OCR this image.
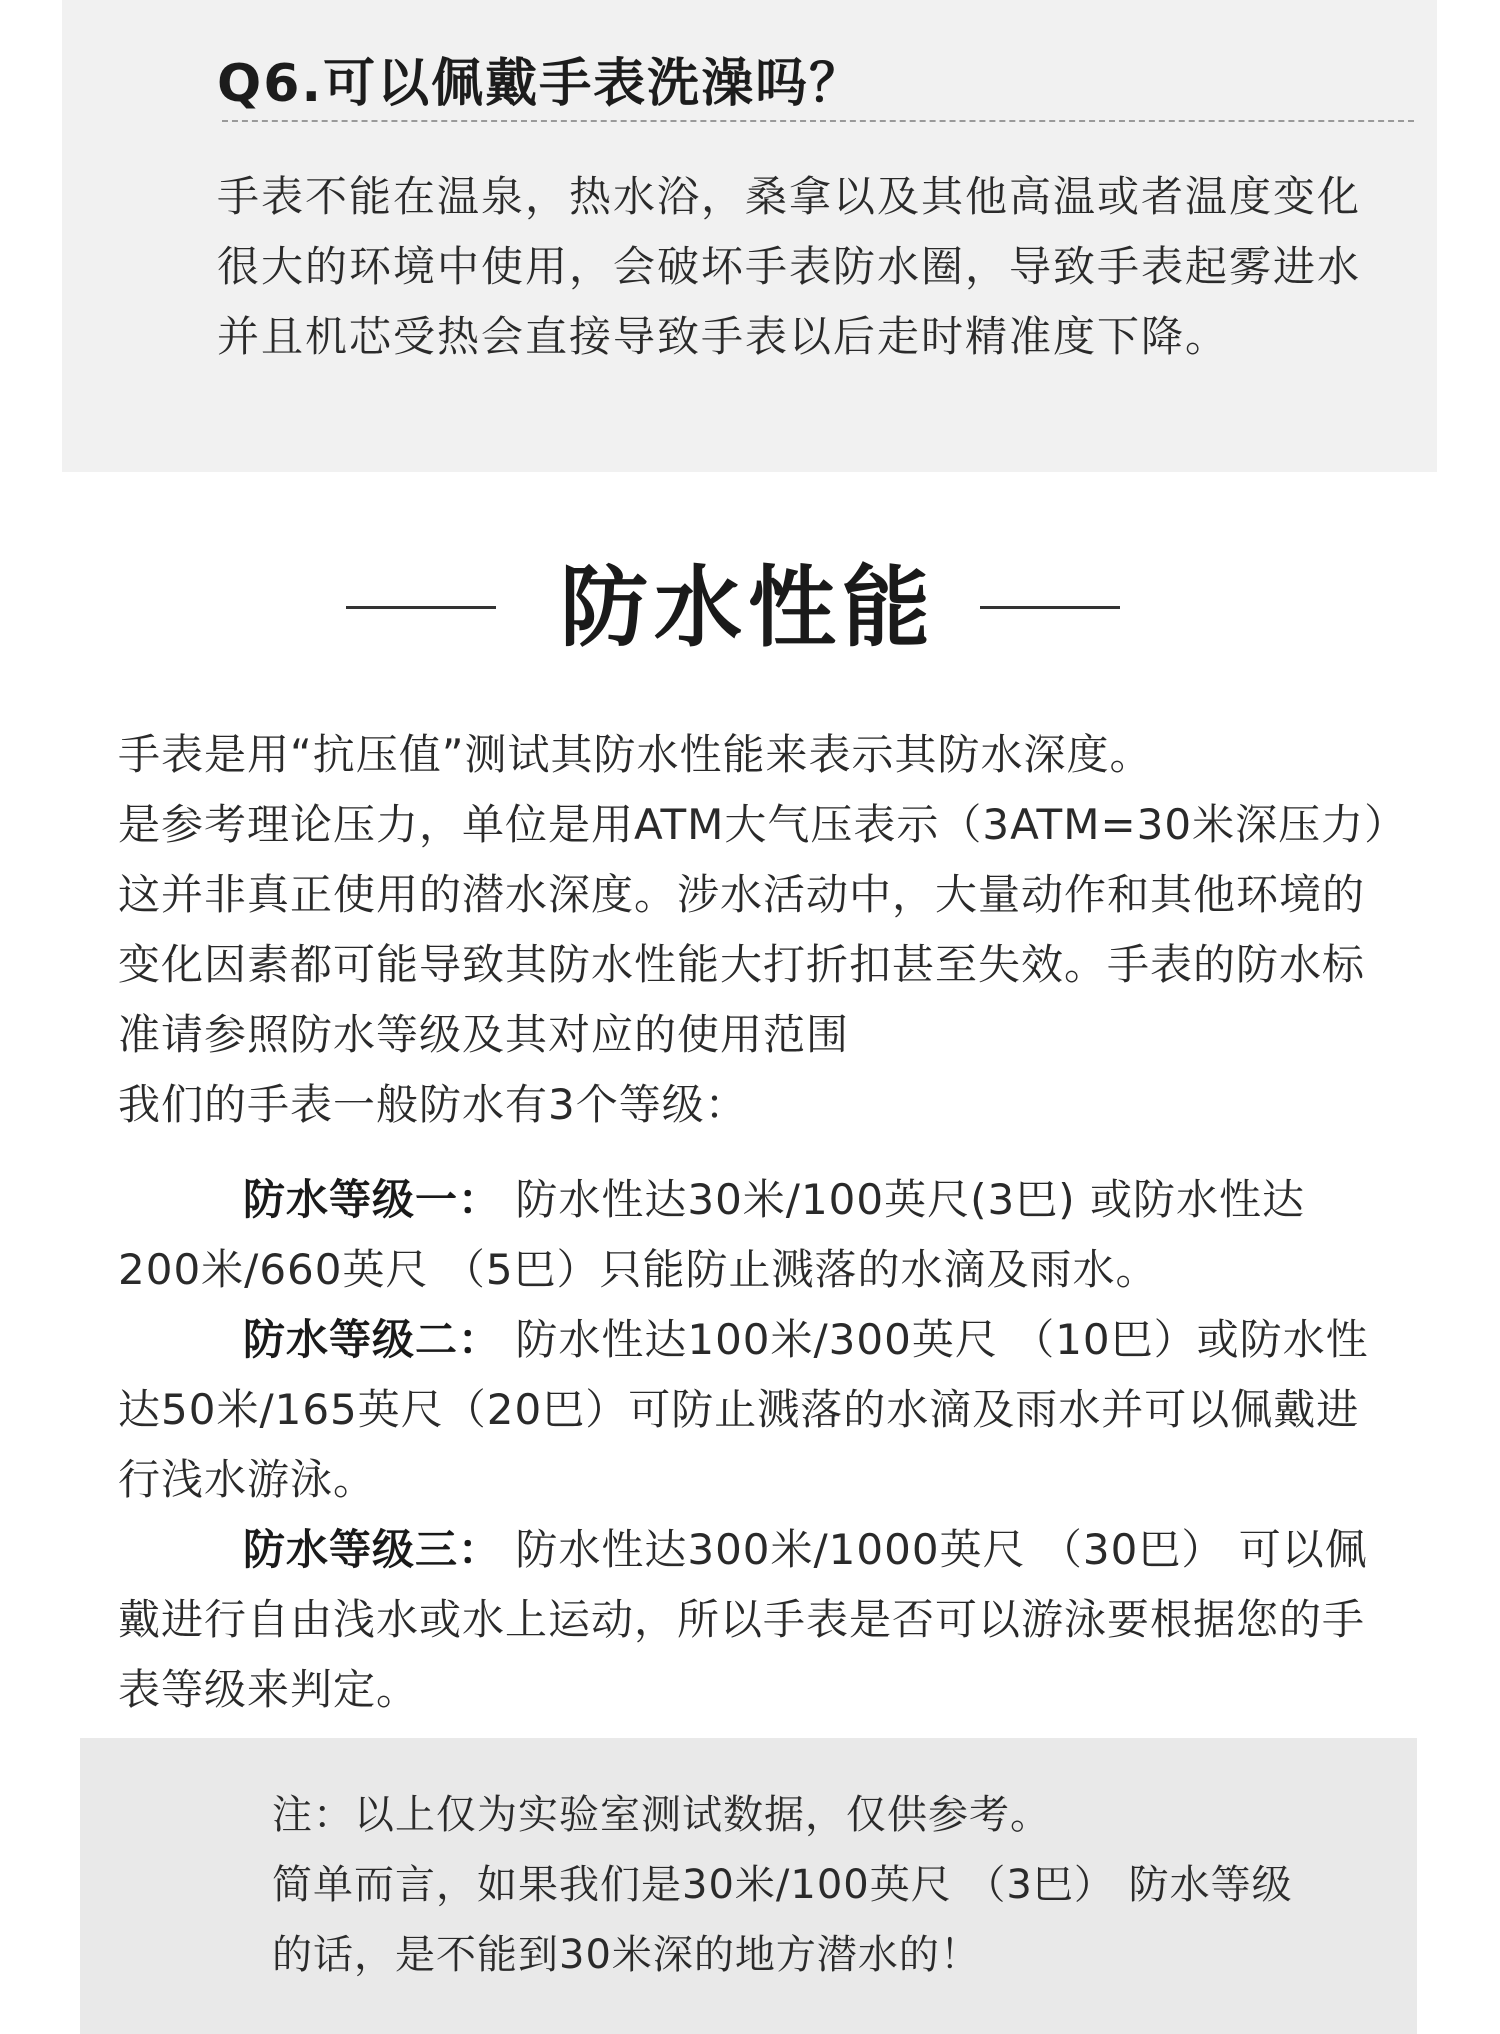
Q6.可以佩戴手表洗澡吗？
手表不能在温泉，热水浴，桑拿以及其他高温或者温度变化很大的环境中使用，会破坏手表防水圈，导致手表起雾进水并且机芯受热会直接导致手表以后走时精准度下降。
防水性能

手表是用“抗压值”测试其防水性能来表示其防水深度。

是参考理论压力，单位是用ATM大气压表示（3ATM=30米深压力）这并非真正使用的潜水深度。涉水活动中，大量动作和其他环境的变化因素都可能导致其防水性能大打折扣甚至失效。手表的防水标准请参照防水等级及其对应的使用范围

我们的手表一般防水有3个等级：

防水等级一： 防水性达30米/100英尺(3巴) 或防水性达200米/660英尺 （5巴）只能防止溅落的水滴及雨水。

防水等级二： 防水性达100米/300英尺 （10巴）或防水性达50米/165英尺（20巴）可防止溅落的水滴及雨水并可以佩戴进行浅水游泳。

防水等级三： 防水性达300米/1000英尺 （30巴） 可以佩戴进行自由浅水或水上运动，所以手表是否可以游泳要根据您的手表等级来判定。

注：以上仅为实验室测试数据，仅供参考。

简单而言，如果我们是30米/100英尺 （3巴） 防水等级的话，是不能到30米深的地方潜水的！
